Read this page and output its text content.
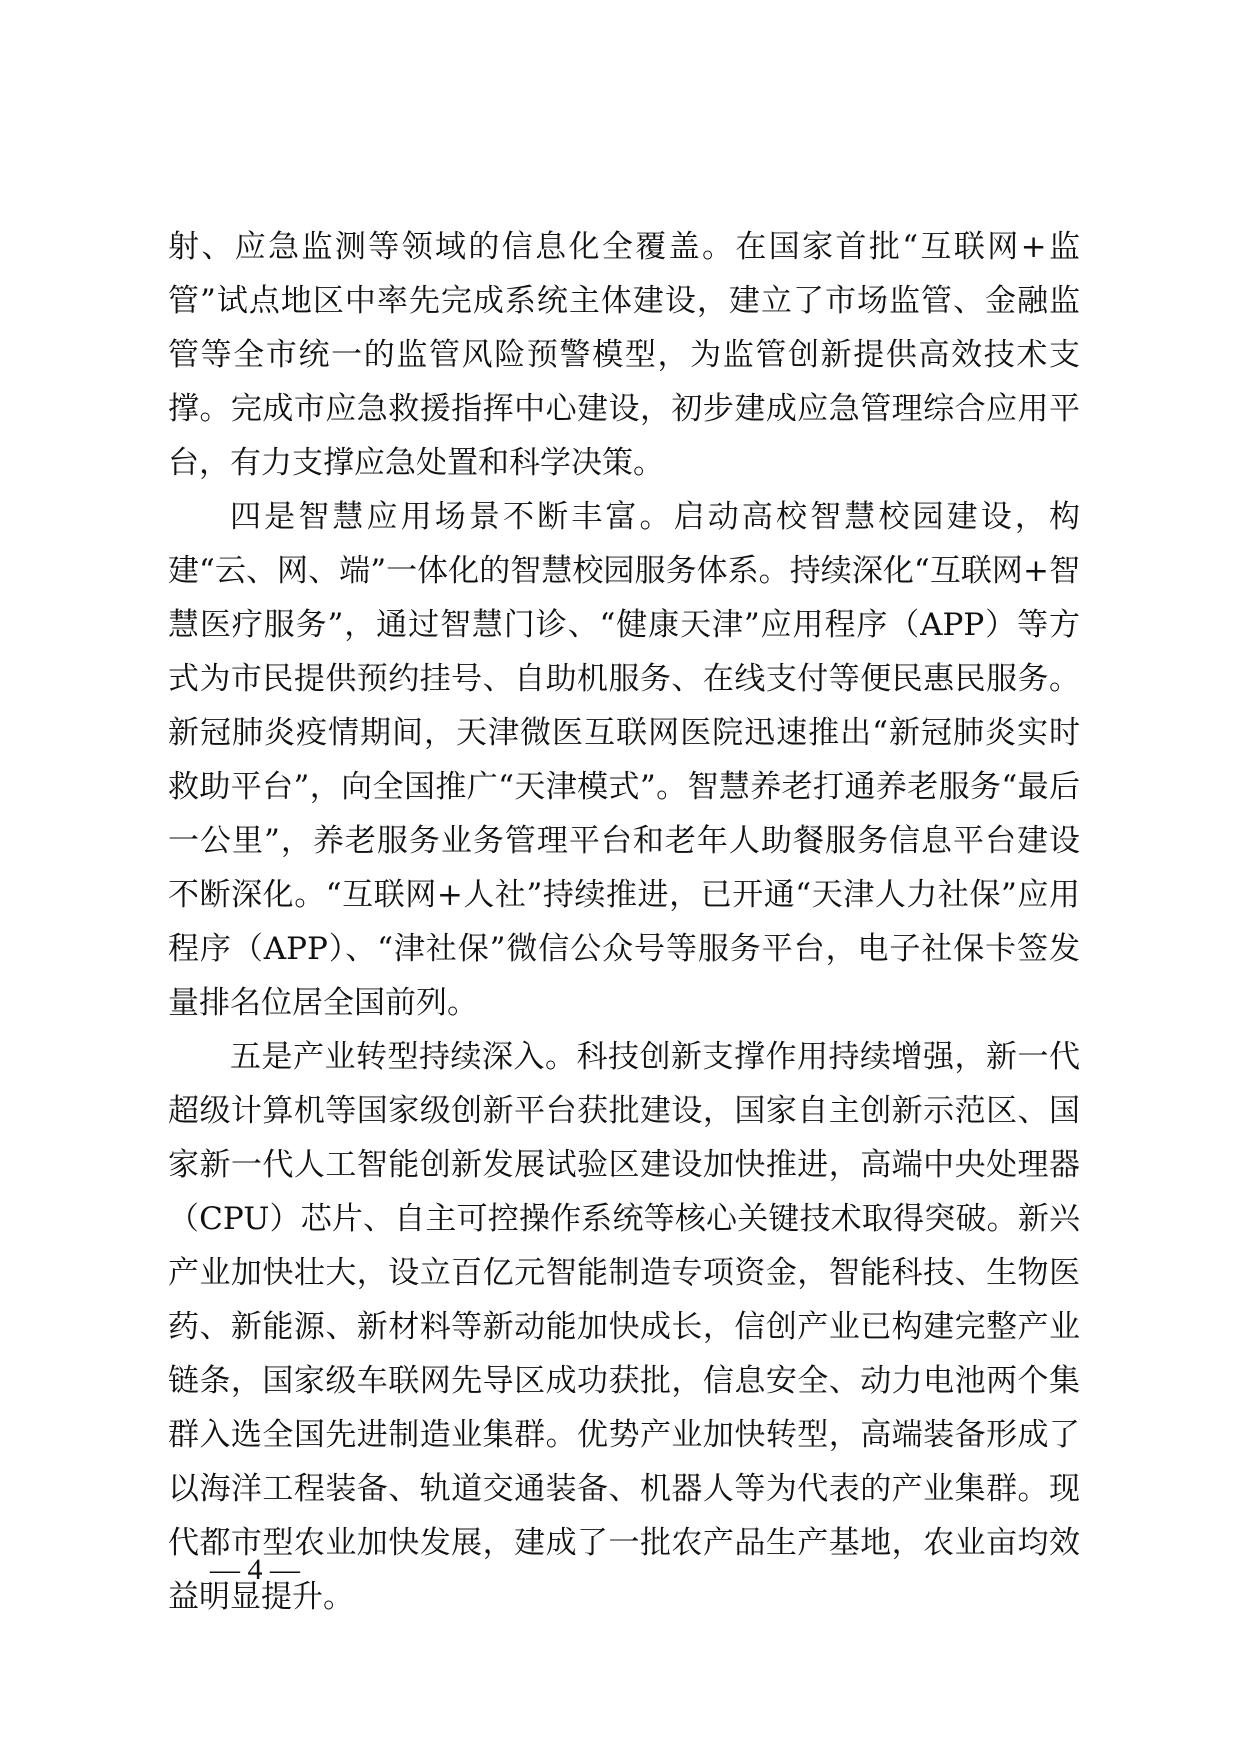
射、应急监测等领域的信息化全覆盖。在国家首批“互联网+监管”试点地区中率先完成系统主体建设，建立了市场监管、金融监管等全市统一的监管风险预警模型，为监管创新提供高效技术支撑。完成市应急救援指挥中心建设，初步建成应急管理综合应用平台，有力支撑应急处置和科学决策。

四是智慧应用场景不断丰富。启动高校智慧校园建设，构建“云、网、端”一体化的智慧校园服务体系。持续深化“互联网+智慧医疗服务”，通过智慧门诊、“健康天津”应用程序（APP）等方式为市民提供预约挂号、自助机服务、在线支付等便民惠民服务。新冠肺炎疫情期间，天津微医互联网医院迅速推出“新冠肺炎实时救助平台”，向全国推广“天津模式”。智慧养老打通养老服务“最后一公里”，养老服务业务管理平台和老年人助餐服务信息平台建设不断深化。“互联网+人社”持续推进，已开通“天津人力社保”应用程序（APP）、“津社保”微信公众号等服务平台，电子社保卡签发量排名位居全国前列。

五是产业转型持续深入。科技创新支撑作用持续增强，新一代超级计算机等国家级创新平台获批建设，国家自主创新示范区、国家新一代人工智能创新发展试验区建设加快推进，高端中央处理器（CPU）芯片、自主可控操作系统等核心关键技术取得突破。新兴产业加快壮大，设立百亿元智能制造专项资金，智能科技、生物医药、新能源、新材料等新动能加快成长，信创产业已构建完整产业链条，国家级车联网先导区成功获批，信息安全、动力电池两个集群入选全国先进制造业集群。优势产业加快转型，高端装备形成了以海洋工程装备、轨道交通装备、机器人等为代表的产业集群。现代都市型农业加快发展，建成了一批农产品生产基地，农业亩均效益明显提升。

— 4 —
